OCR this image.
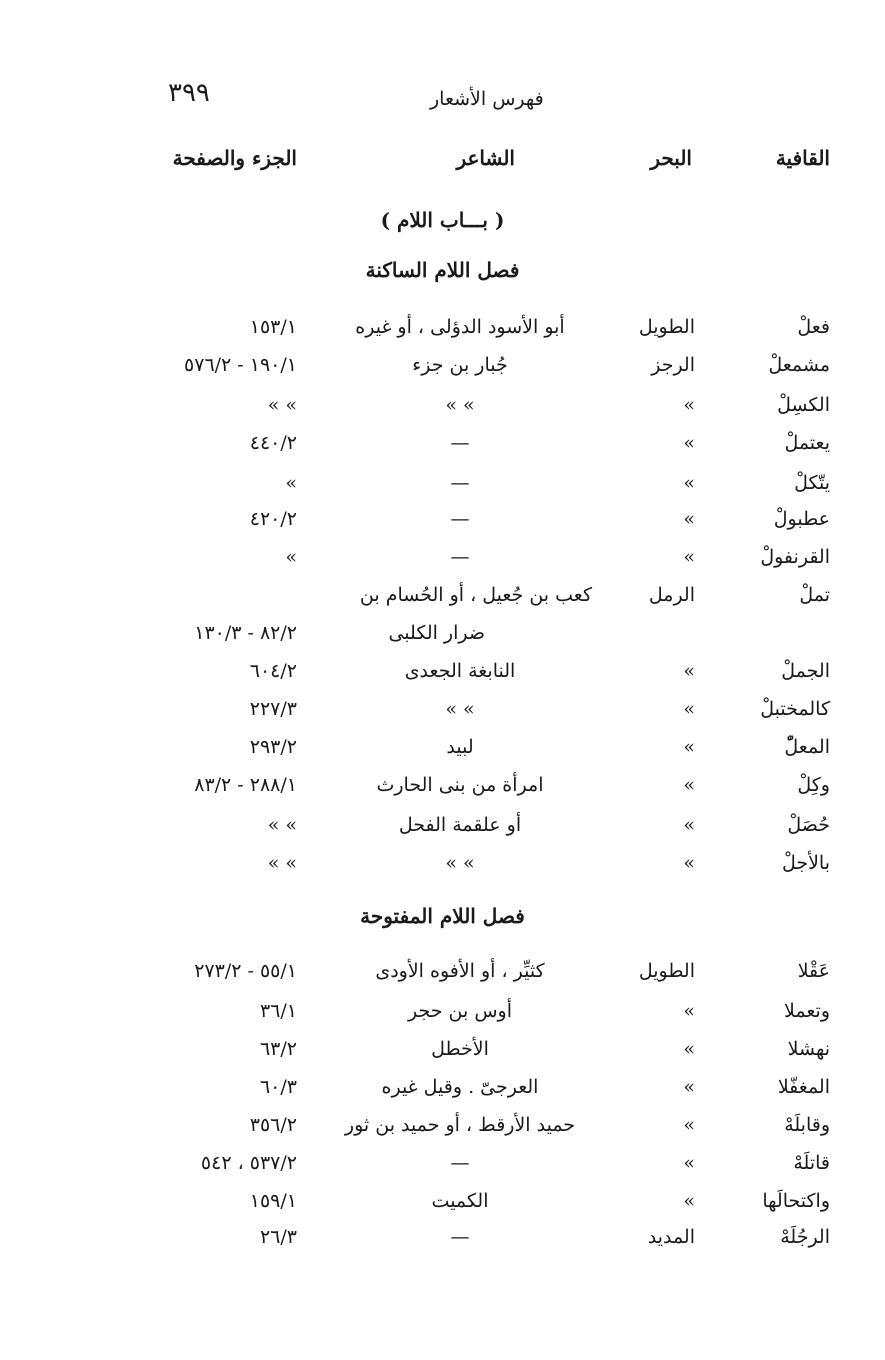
٣٩٩	فهرس الأشعار
القافية
البحر
الشاعر
الجزء والصفحة
( بـــاب اللام )
فصل اللام الساكنة
فعلْ
الطويل
أبو الأسود الدؤلى ، أو غيره
١٥٣/١
مشمعلْ
الرجز
جُبار بن جزء
١٩٠/١ - ٥٧٦/٢
الكسِلْ
»
» »
» »
يعتملْ
»
—
٤٤٠/٢
يتّكلْ
»
—
»
عطبولْ
»
—
٤٢٠/٢
القرنفولْ
»
—
»
تملْ
الرمل
كعب بن جُعيل ، أو الحُسام بن
ضرار الكلبى
٨٢/٢ - ١٣٠/٣
الجملْ
»
النابغة الجعدى
٦٠٤/٢
كالمختبلْ
»
» »
٢٢٧/٣
المعلّْ
»
لبيد
٢٩٣/٢
وكِلْ
»
امرأة من بنى الحارث
٢٨٨/١ - ٨٣/٢
حُصَلْ
»
أو علقمة الفحل
» »
بالأجلْ
»
» »
» »
فصل اللام المفتوحة
عَقْلا
الطويل
كثيِّر ، أو الأفوه الأودى
٥٥/١ - ٢٧٣/٢
وتعملا
»
أوس بن حجر
٣٦/١
نهشلا
»
الأخطل
٦٣/٢
المغفّلا
»
العرجىّ . وقيل غيره
٦٠/٣
وقابلَهْ
»
حميد الأرقط ، أو حميد بن ثور
٣٥٦/٢
قاتلَهْ
»
—
٥٣٧/٢ ، ٥٤٢
واكتحالَها
»
الكميت
١٥٩/١
الرجُلَهْ
المديد
—
٢٦/٣
